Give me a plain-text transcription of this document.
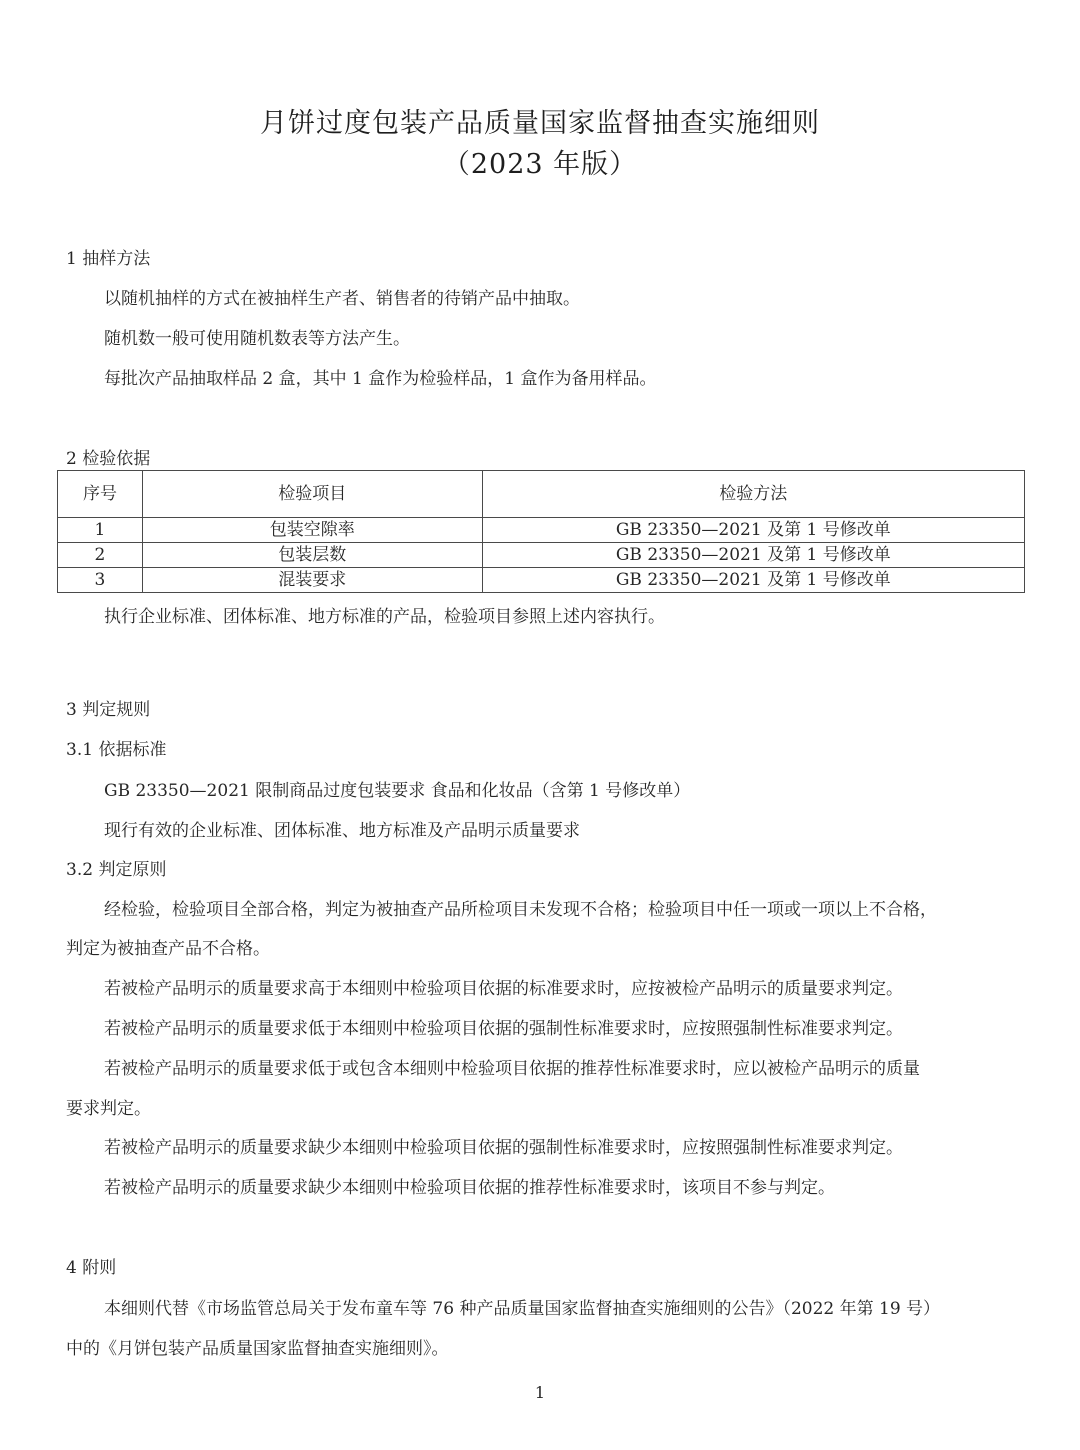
月饼过度包装产品质量国家监督抽查实施细则
（2023 年版）
1 抽样方法
以随机抽样的方式在被抽样生产者、销售者的待销产品中抽取。
随机数一般可使用随机数表等方法产生。
每批次产品抽取样品 2 盒，其中 1 盒作为检验样品，1 盒作为备用样品。
2 检验依据
序号	检验项目	检验方法
1	包装空隙率	GB 23350—2021 及第 1 号修改单
2	包装层数	GB 23350—2021 及第 1 号修改单
3	混装要求	GB 23350—2021 及第 1 号修改单
执行企业标准、团体标准、地方标准的产品，检验项目参照上述内容执行。
3 判定规则
3.1 依据标准
GB 23350—2021 限制商品过度包装要求 食品和化妆品（含第 1 号修改单）
现行有效的企业标准、团体标准、地方标准及产品明示质量要求
3.2 判定原则
经检验，检验项目全部合格，判定为被抽查产品所检项目未发现不合格；检验项目中任一项或一项以上不合格，
判定为被抽查产品不合格。
若被检产品明示的质量要求高于本细则中检验项目依据的标准要求时，应按被检产品明示的质量要求判定。
若被检产品明示的质量要求低于本细则中检验项目依据的强制性标准要求时，应按照强制性标准要求判定。
若被检产品明示的质量要求低于或包含本细则中检验项目依据的推荐性标准要求时，应以被检产品明示的质量
要求判定。
若被检产品明示的质量要求缺少本细则中检验项目依据的强制性标准要求时，应按照强制性标准要求判定。
若被检产品明示的质量要求缺少本细则中检验项目依据的推荐性标准要求时，该项目不参与判定。
4 附则
本细则代替《市场监管总局关于发布童车等 76 种产品质量国家监督抽查实施细则的公告》（2022 年第 19 号）
中的《月饼包装产品质量国家监督抽查实施细则》。
1
